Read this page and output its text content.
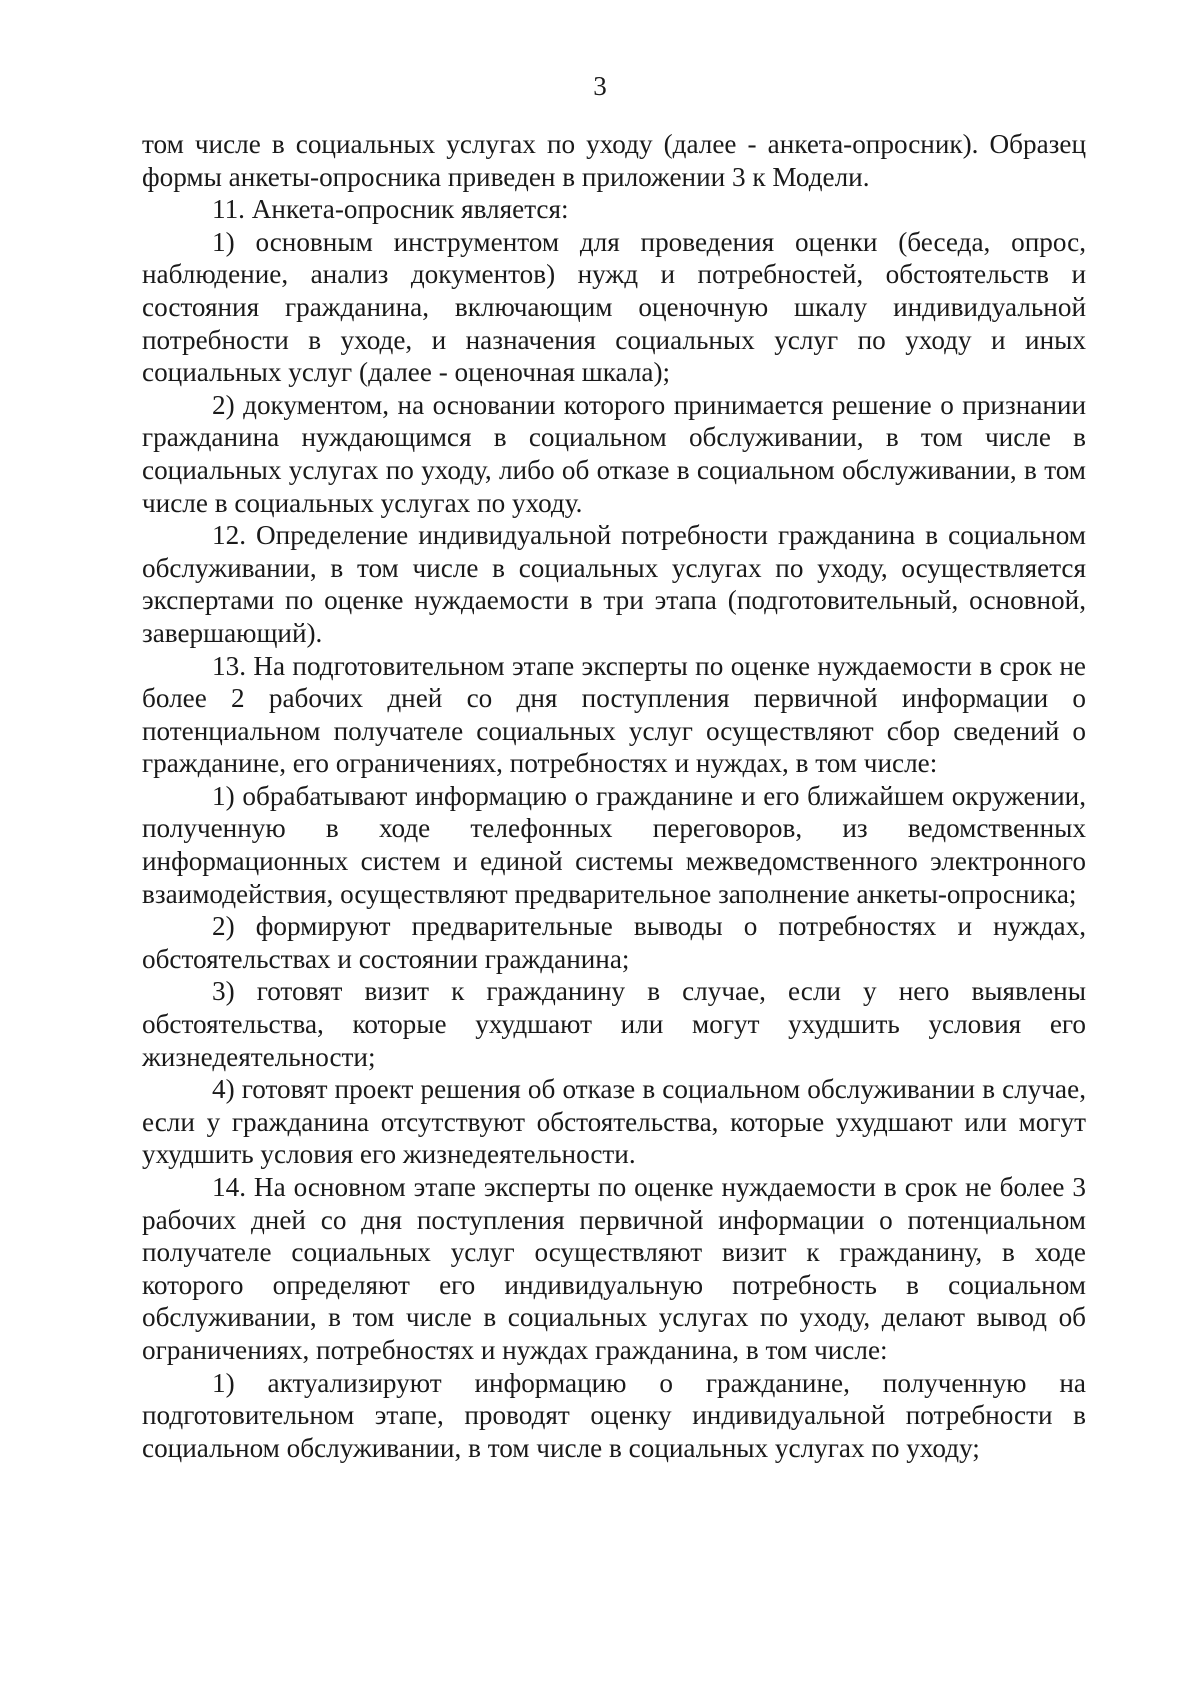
3

том числе в социальных услугах по уходу (далее - анкета-опросник). Образец формы анкеты-опросника приведен в приложении 3 к Модели.

11. Анкета-опросник является:

1) основным инструментом для проведения оценки (беседа, опрос, наблюдение, анализ документов) нужд и потребностей, обстоятельств и состояния гражданина, включающим оценочную шкалу индивидуальной потребности в уходе, и назначения социальных услуг по уходу и иных социальных услуг (далее - оценочная шкала);

2) документом, на основании которого принимается решение о признании гражданина нуждающимся в социальном обслуживании, в том числе в социальных услугах по уходу, либо об отказе в социальном обслуживании, в том числе в социальных услугах по уходу.

12. Определение индивидуальной потребности гражданина в социальном обслуживании, в том числе в социальных услугах по уходу, осуществляется экспертами по оценке нуждаемости в три этапа (подготовительный, основной, завершающий).

13. На подготовительном этапе эксперты по оценке нуждаемости в срок не более 2 рабочих дней со дня поступления первичной информации о потенциальном получателе социальных услуг осуществляют сбор сведений о гражданине, его ограничениях, потребностях и нуждах, в том числе:

1) обрабатывают информацию о гражданине и его ближайшем окружении, полученную в ходе телефонных переговоров, из ведомственных информационных систем и единой системы межведомственного электронного взаимодействия, осуществляют предварительное заполнение анкеты-опросника;

2) формируют предварительные выводы о потребностях и нуждах, обстоятельствах и состоянии гражданина;

3) готовят визит к гражданину в случае, если у него выявлены обстоятельства, которые ухудшают или могут ухудшить условия его жизнедеятельности;

4) готовят проект решения об отказе в социальном обслуживании в случае, если у гражданина отсутствуют обстоятельства, которые ухудшают или могут ухудшить условия его жизнедеятельности.

14. На основном этапе эксперты по оценке нуждаемости в срок не более 3 рабочих дней со дня поступления первичной информации о потенциальном получателе социальных услуг осуществляют визит к гражданину, в ходе которого определяют его индивидуальную потребность в социальном обслуживании, в том числе в социальных услугах по уходу, делают вывод об ограничениях, потребностях и нуждах гражданина, в том числе:

1) актуализируют информацию о гражданине, полученную на подготовительном этапе, проводят оценку индивидуальной потребности в социальном обслуживании, в том числе в социальных услугах по уходу;
